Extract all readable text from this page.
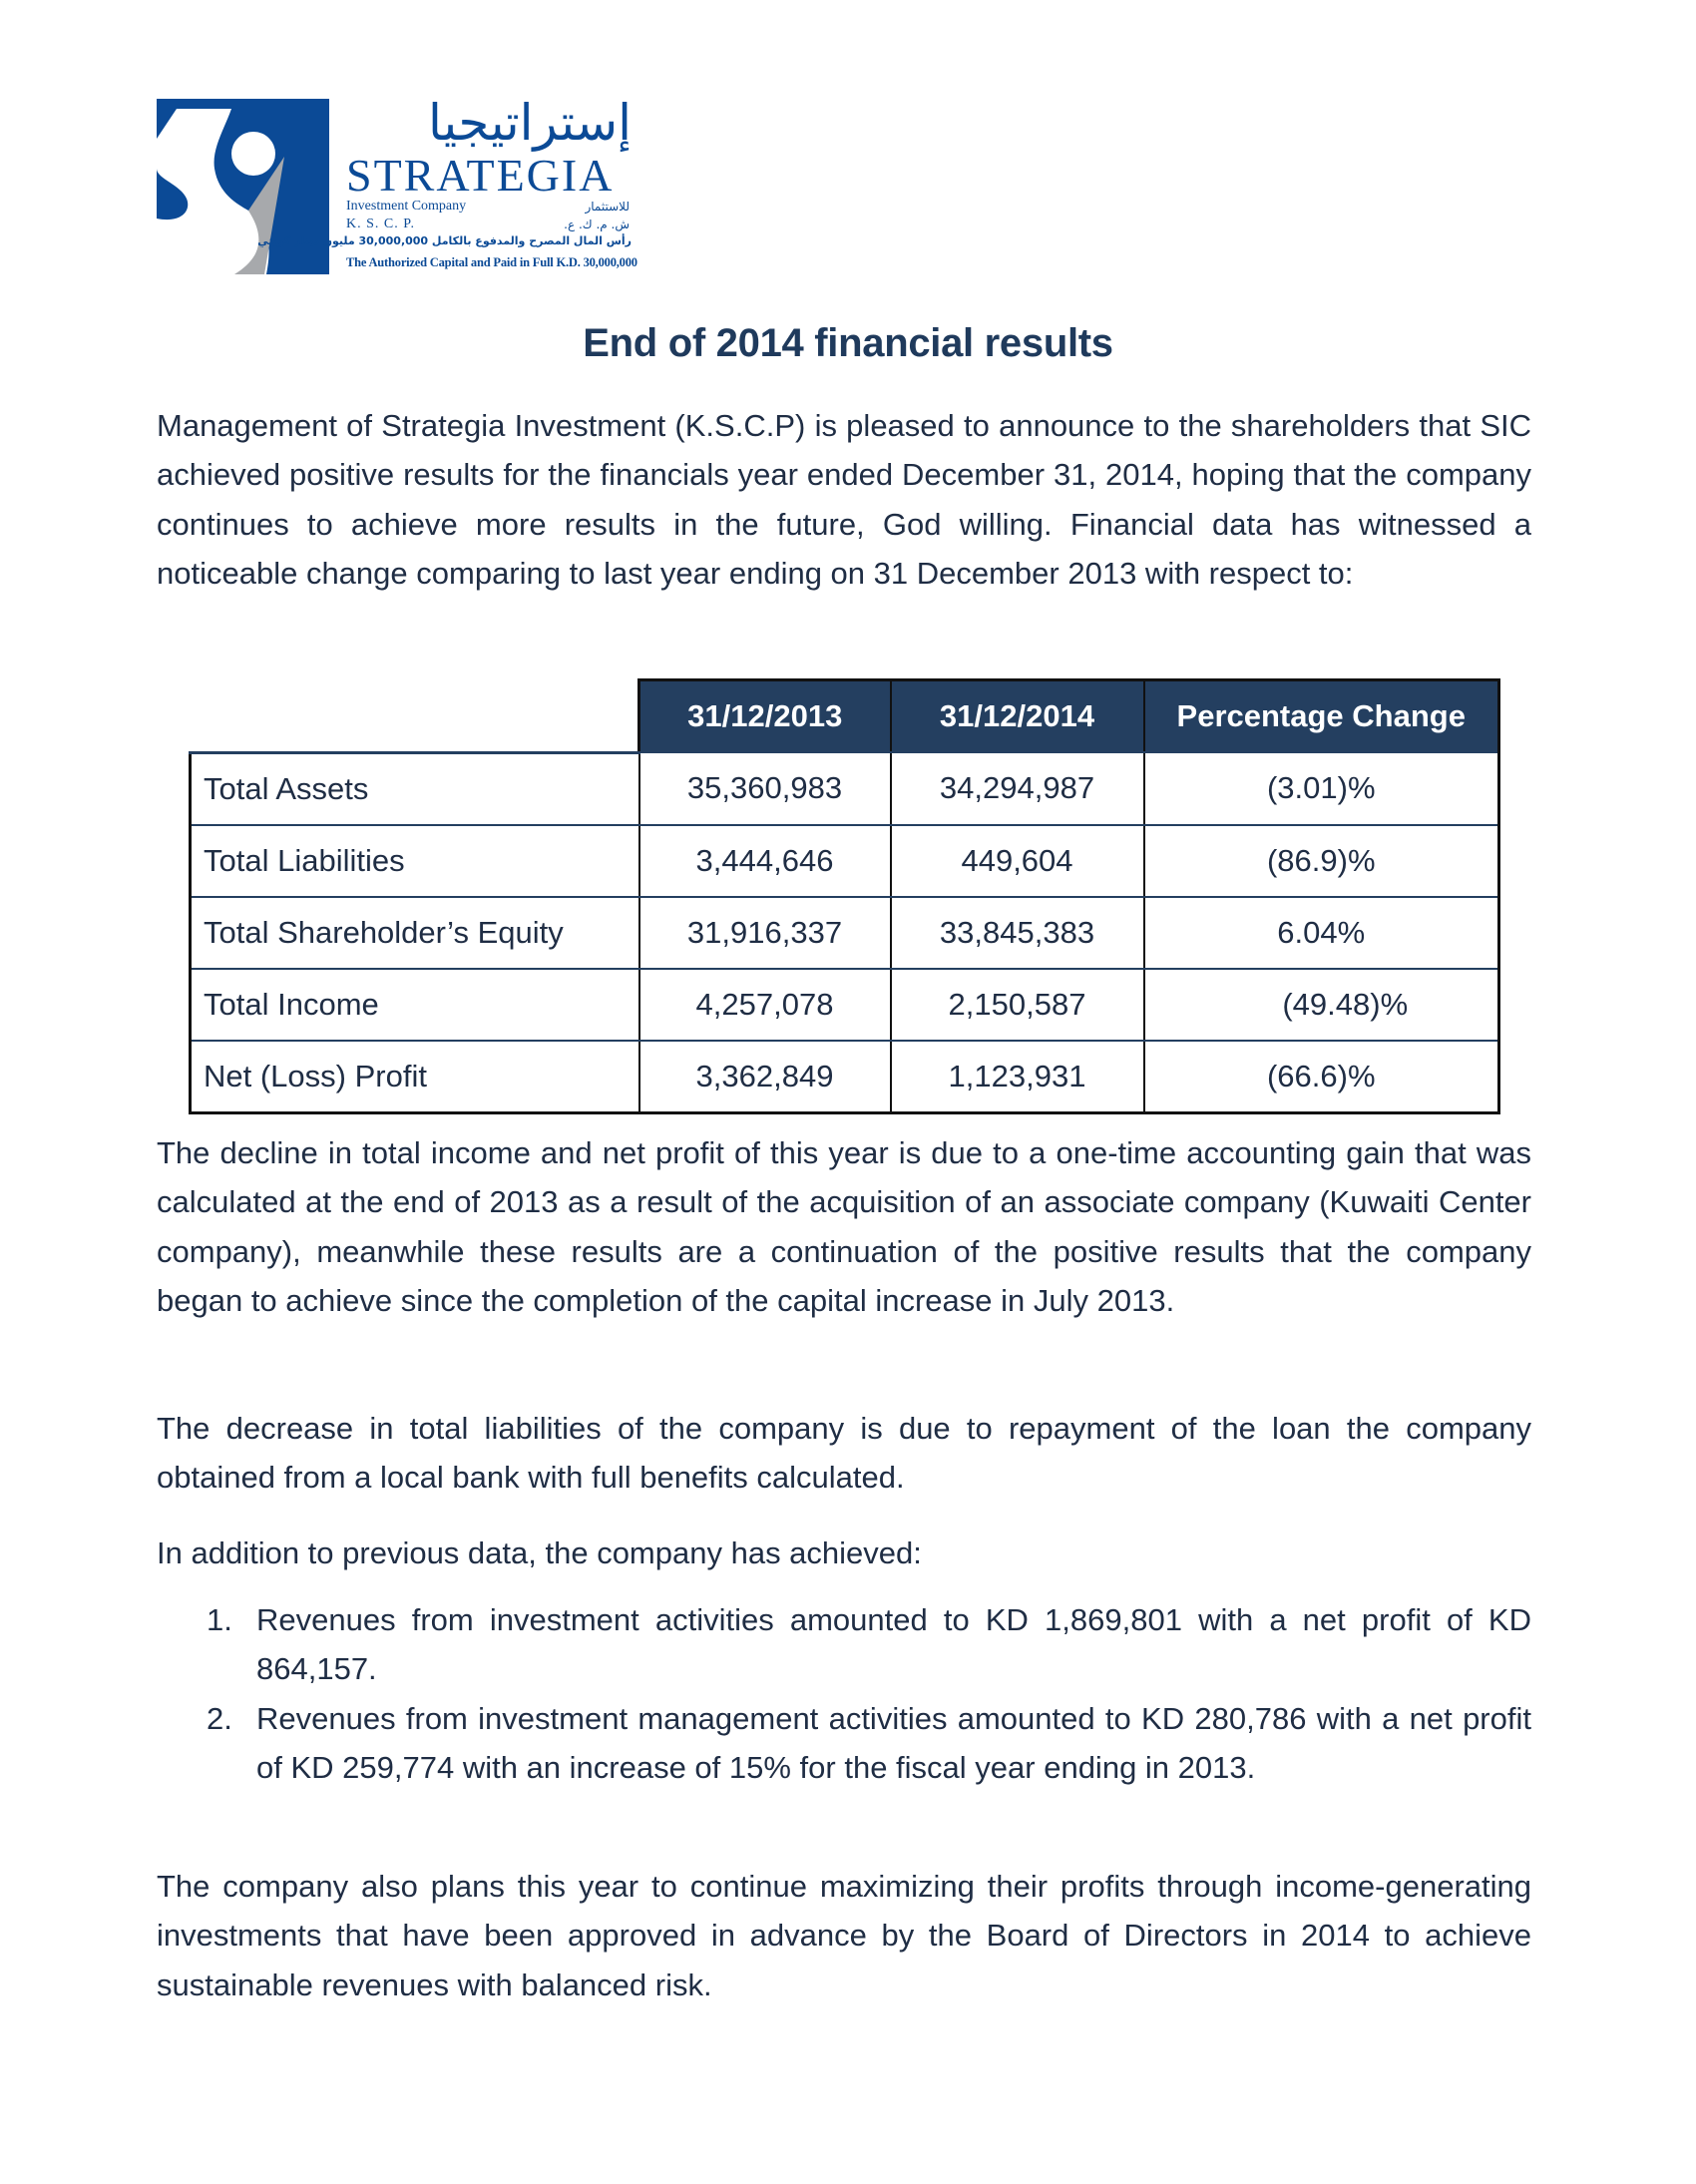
إستراتيجيا
STRATEGIA
Investment Company	للاستثمار
K. S. C. P.	ش. م. ك. ع.
رأس المال المصرح والمدفوع بالكامل 30,000,000 مليون دينار كويتي
The Authorized Capital and Paid in Full K.D. 30,000,000
End of 2014 financial results

Management of Strategia Investment (K.S.C.P) is pleased to announce to the shareholders that SIC achieved positive results for the financials year ended December 31, 2014, hoping that the company continues to achieve more results in the future, God willing. Financial data has witnessed a noticeable change comparing to last year ending on 31 December 2013 with respect to:

	31/12/2013	31/12/2014	Percentage Change
Total Assets	35,360,983	34,294,987	(3.01)%
Total Liabilities	3,444,646	449,604	(86.9)%
Total Shareholder’s Equity	31,916,337	33,845,383	6.04%
Total Income	4,257,078	2,150,587	(49.48)%
Net (Loss) Profit	3,362,849	1,123,931	(66.6)%

The decline in total income and net profit of this year is due to a one-time accounting gain that was calculated at the end of 2013 as a result of the acquisition of an associate company (Kuwaiti Center company), meanwhile these results are a continuation of the positive results that the company began to achieve since the completion of the capital increase in July 2013.

The decrease in total liabilities of the company is due to repayment of the loan the company obtained from a local bank with full benefits calculated.

In addition to previous data, the company has achieved:

1. Revenues from investment activities amounted to KD 1,869,801 with a net profit of KD 864,157.
2. Revenues from investment management activities amounted to KD 280,786 with a net profit of KD 259,774 with an increase of 15% for the fiscal year ending in 2013.

The company also plans this year to continue maximizing their profits through income-generating investments that have been approved in advance by the Board of Directors in 2014 to achieve sustainable revenues with balanced risk.
